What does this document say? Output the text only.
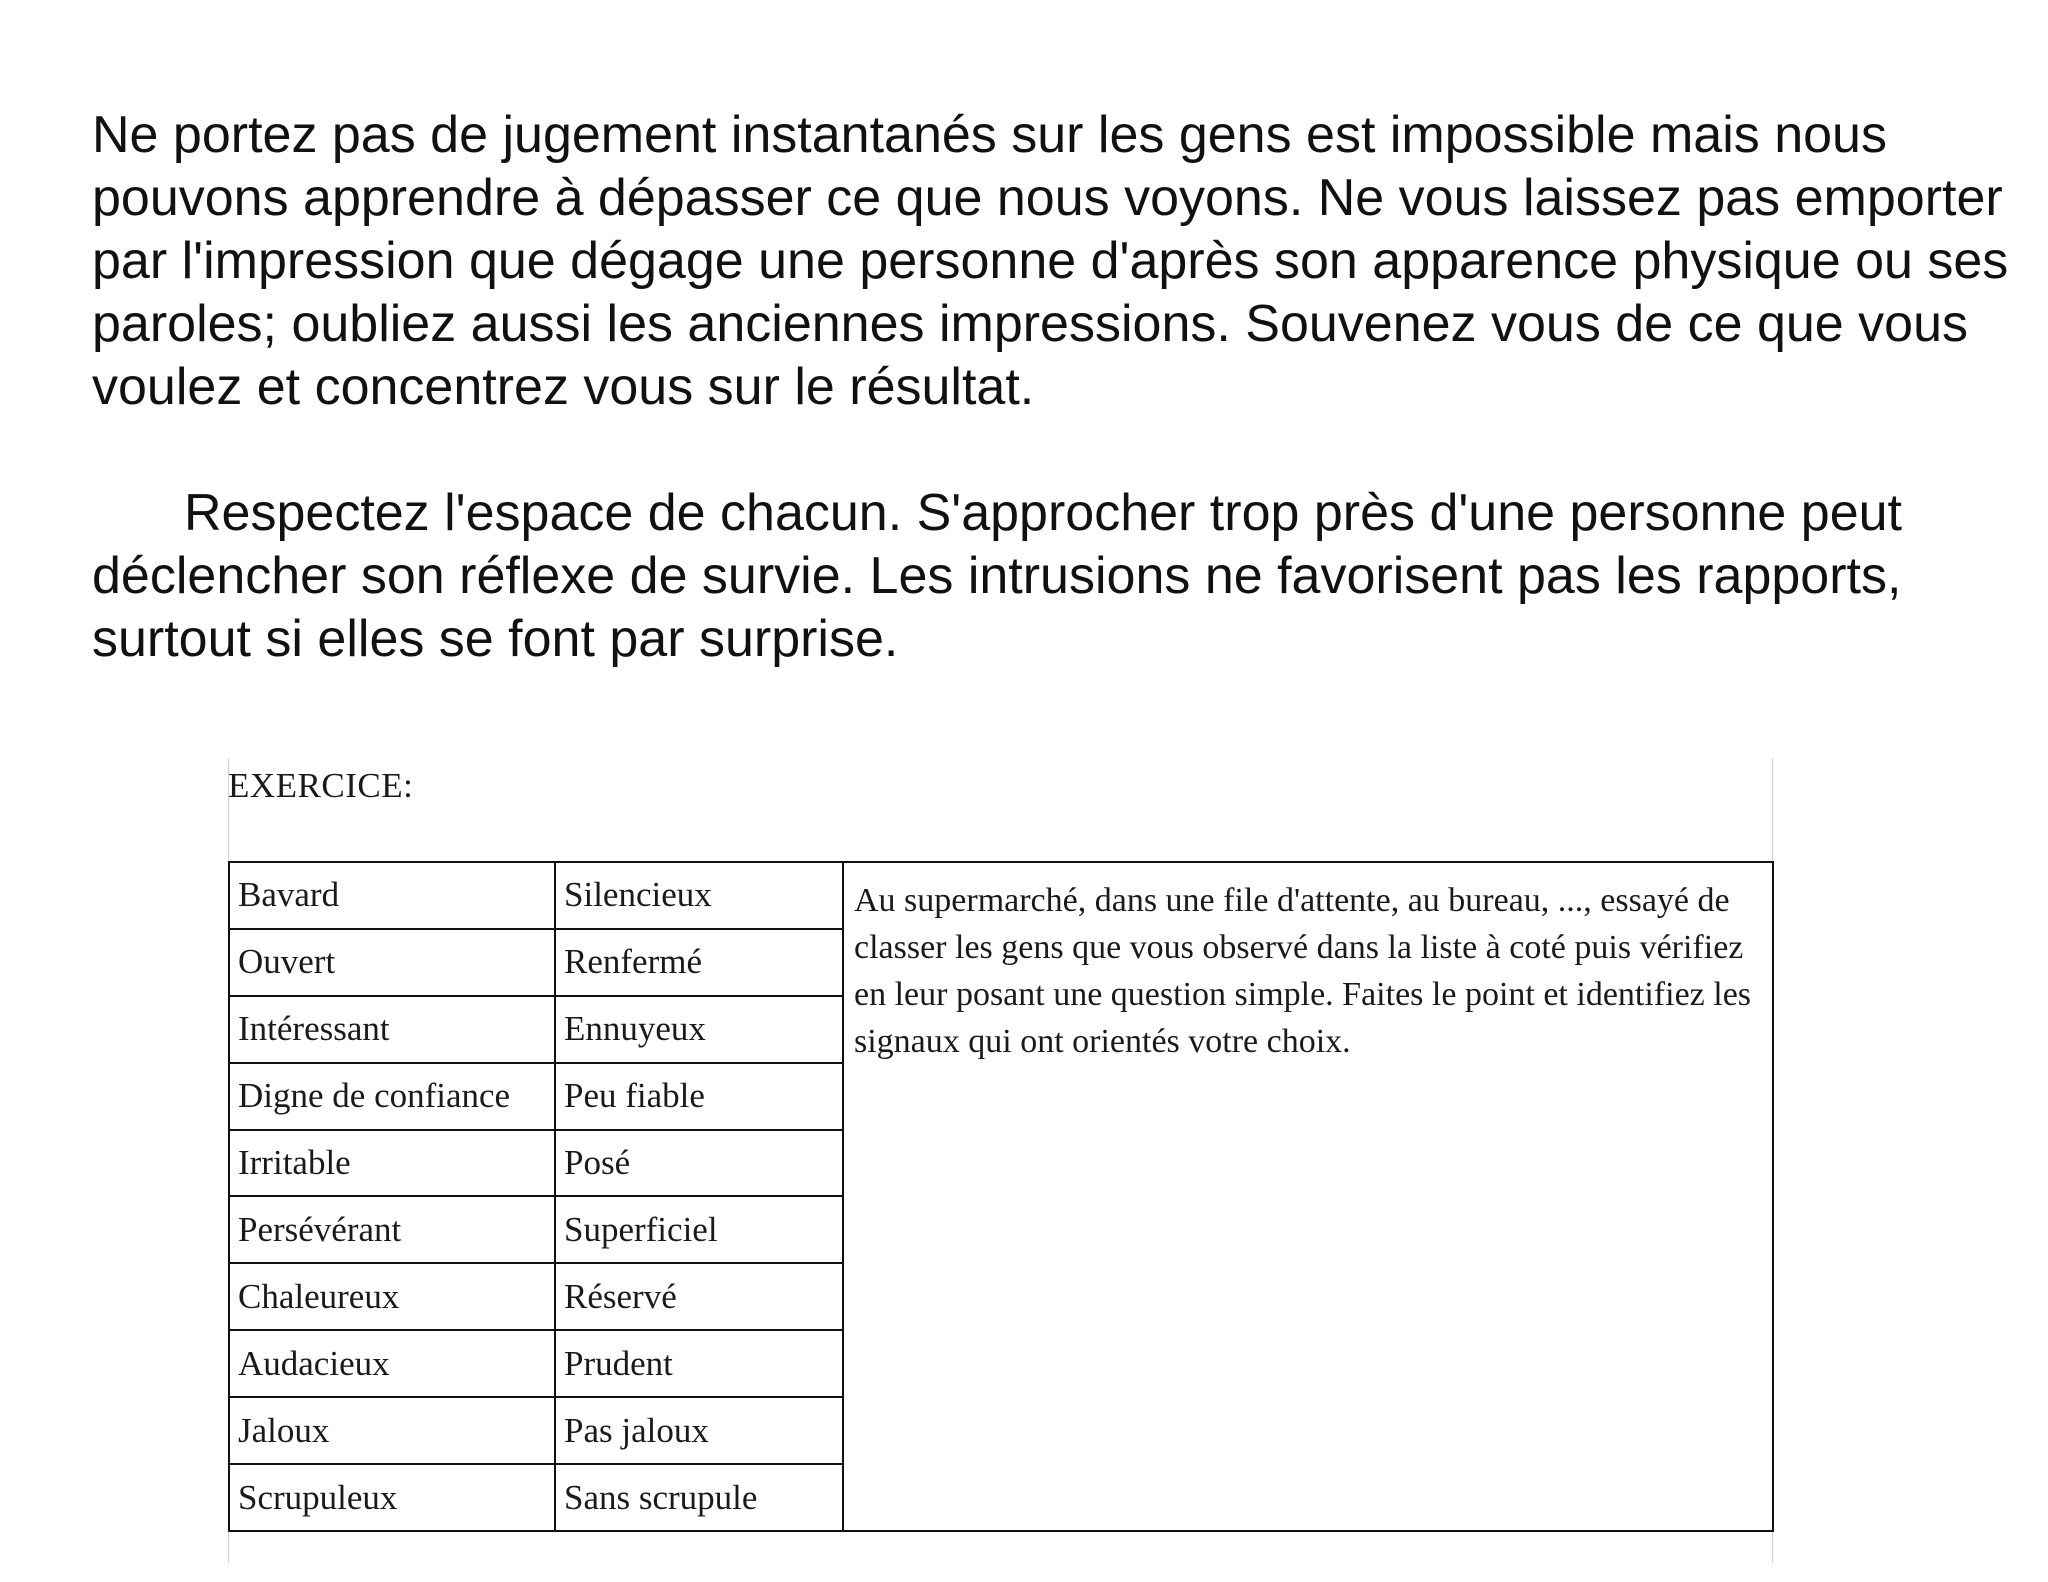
Ne portez pas de jugement instantanés sur les gens est impossible mais nous pouvons apprendre à dépasser ce que nous voyons. Ne vous laissez pas emporter par l'impression que dégage une personne d'après son apparence physique ou ses paroles; oubliez aussi les anciennes impressions. Souvenez vous de ce que vous voulez et concentrez vous sur le résultat.

Respectez l'espace de chacun. S'approcher trop près d'une personne peut déclencher son réflexe de survie. Les intrusions ne favorisent pas les rapports, surtout si elles se font par surprise.

EXERCICE:
Bavard	Silencieux	Au supermarché, dans une file d'attente, au bureau, ..., essayé de classer les gens que vous observé dans la liste à coté puis vérifiez en leur posant une question simple. Faites le point et identifiez les signaux qui ont orientés votre choix.
Ouvert	Renfermé	
Intéressant	Ennuyeux	
Digne de confiance	Peu fiable	
Irritable	Posé	
Persévérant	Superficiel	
Chaleureux	Réservé	
Audacieux	Prudent	
Jaloux	Pas jaloux	
Scrupuleux	Sans scrupule	
